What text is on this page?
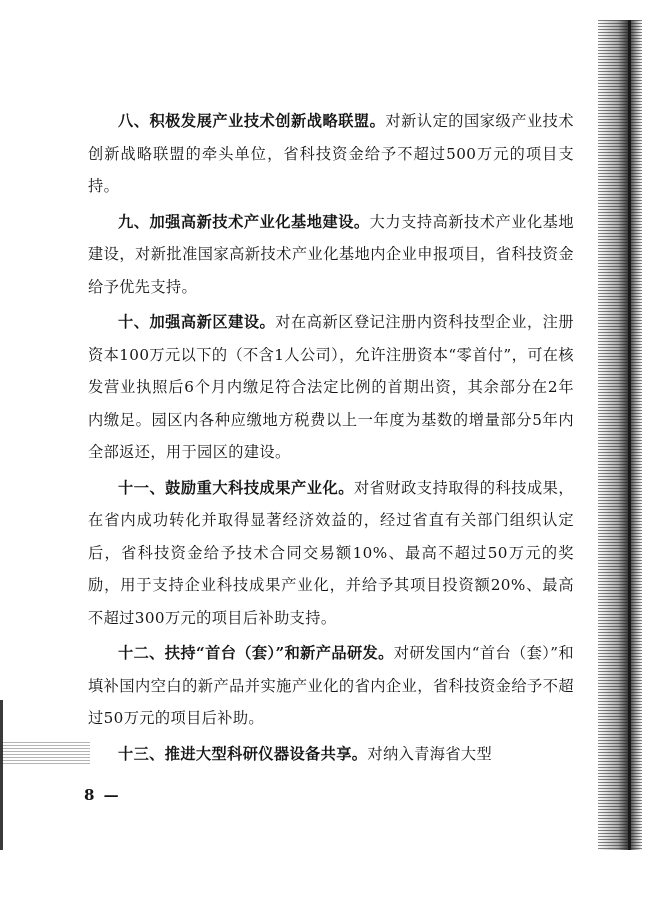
八、积极发展产业技术创新战略联盟。对新认定的国家级产业技术创新战略联盟的牵头单位，省科技资金给予不超过500万元的项目支持。

九、加强高新技术产业化基地建设。大力支持高新技术产业化基地建设，对新批准国家高新技术产业化基地内企业申报项目，省科技资金给予优先支持。

十、加强高新区建设。对在高新区登记注册内资科技型企业，注册资本100万元以下的（不含1人公司），允许注册资本“零首付”，可在核发营业执照后6个月内缴足符合法定比例的首期出资，其余部分在2年内缴足。园区内各种应缴地方税费以上一年度为基数的增量部分5年内全部返还，用于园区的建设。

十一、鼓励重大科技成果产业化。对省财政支持取得的科技成果，在省内成功转化并取得显著经济效益的，经过省直有关部门组织认定后，省科技资金给予技术合同交易额10%、最高不超过50万元的奖励，用于支持企业科技成果产业化，并给予其项目投资额20%、最高不超过300万元的项目后补助支持。

十二、扶持“首台（套）”和新产品研发。对研发国内“首台（套）”和填补国内空白的新产品并实施产业化的省内企业，省科技资金给予不超过50万元的项目后补助。

十三、推进大型科研仪器设备共享。对纳入青海省大型

8 —
